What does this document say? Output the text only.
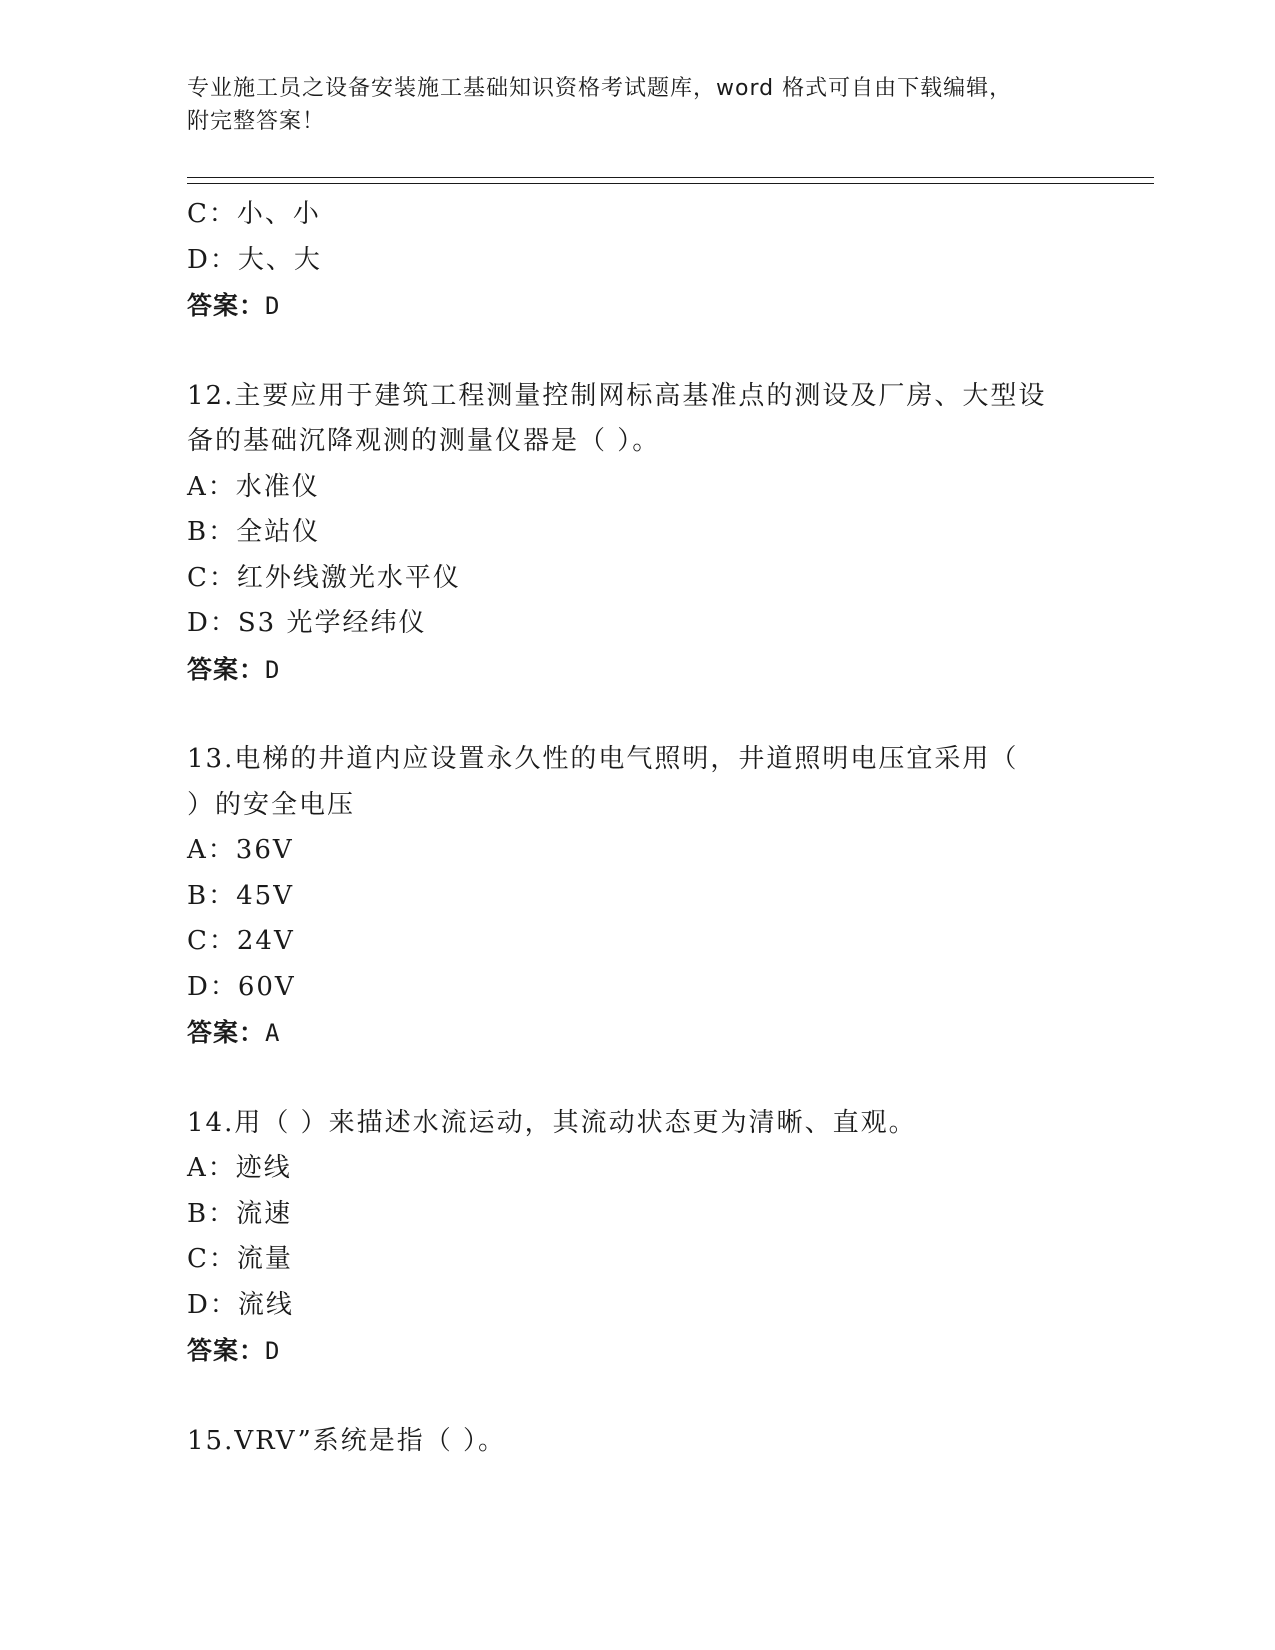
专业施工员之设备安装施工基础知识资格考试题库，word 格式可自由下载编辑，
附完整答案！
C：小、小
D：大、大
答案：D
12.主要应用于建筑工程测量控制网标高基准点的测设及厂房、大型设
备的基础沉降观测的测量仪器是（ ）。
A：水准仪
B：全站仪
C：红外线激光水平仪
D：S3 光学经纬仪
答案：D
13.电梯的井道内应设置永久性的电气照明，井道照明电压宜采用（
）的安全电压
A：36V
B：45V
C：24V
D：60V
答案：A
14.用（ ）来描述水流运动，其流动状态更为清晰、直观。
A：迹线
B：流速
C：流量
D：流线
答案：D
15.VRV”系统是指（ ）。
